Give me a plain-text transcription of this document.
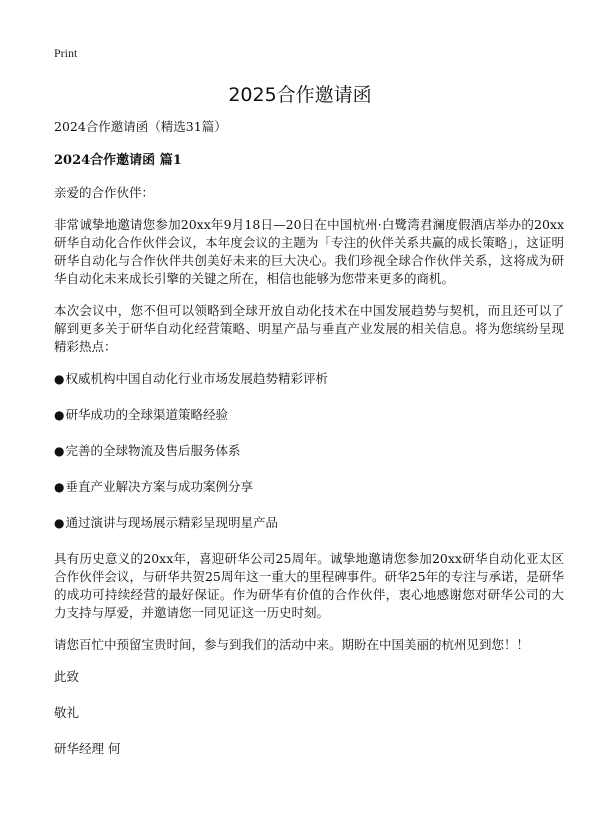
Print
2025合作邀请函

2024合作邀请函（精选31篇）

2024合作邀请函 篇1

亲爱的合作伙伴：

非常诚挚地邀请您参加20xx年9月18日—20日在中国杭州·白鹭湾君澜度假酒店举办的20xx研华自动化合作伙伴会议，本年度会议的主题为「专注的伙伴关系共赢的成长策略」，这证明研华自动化与合作伙伴共创美好未来的巨大决心。我们珍视全球合作伙伴关系，这将成为研华自动化未来成长引擎的关键之所在，相信也能够为您带来更多的商机。

本次会议中，您不但可以领略到全球开放自动化技术在中国发展趋势与契机，而且还可以了解到更多关于研华自动化经营策略、明星产品与垂直产业发展的相关信息。将为您缤纷呈现精彩热点：

●权威机构中国自动化行业市场发展趋势精彩评析
●研华成功的全球渠道策略经验
●完善的全球物流及售后服务体系
●垂直产业解决方案与成功案例分享
●通过演讲与现场展示精彩呈现明星产品

具有历史意义的20xx年，喜迎研华公司25周年。诚挚地邀请您参加20xx研华自动化亚太区合作伙伴会议，与研华共贺25周年这一重大的里程碑事件。研华25年的专注与承诺，是研华的成功可持续经营的最好保证。作为研华有价值的合作伙伴，衷心地感谢您对研华公司的大力支持与厚爱，并邀请您一同见证这一历史时刻。

请您百忙中预留宝贵时间，参与到我们的活动中来。期盼在中国美丽的杭州见到您！！

此致

敬礼

研华经理 何
